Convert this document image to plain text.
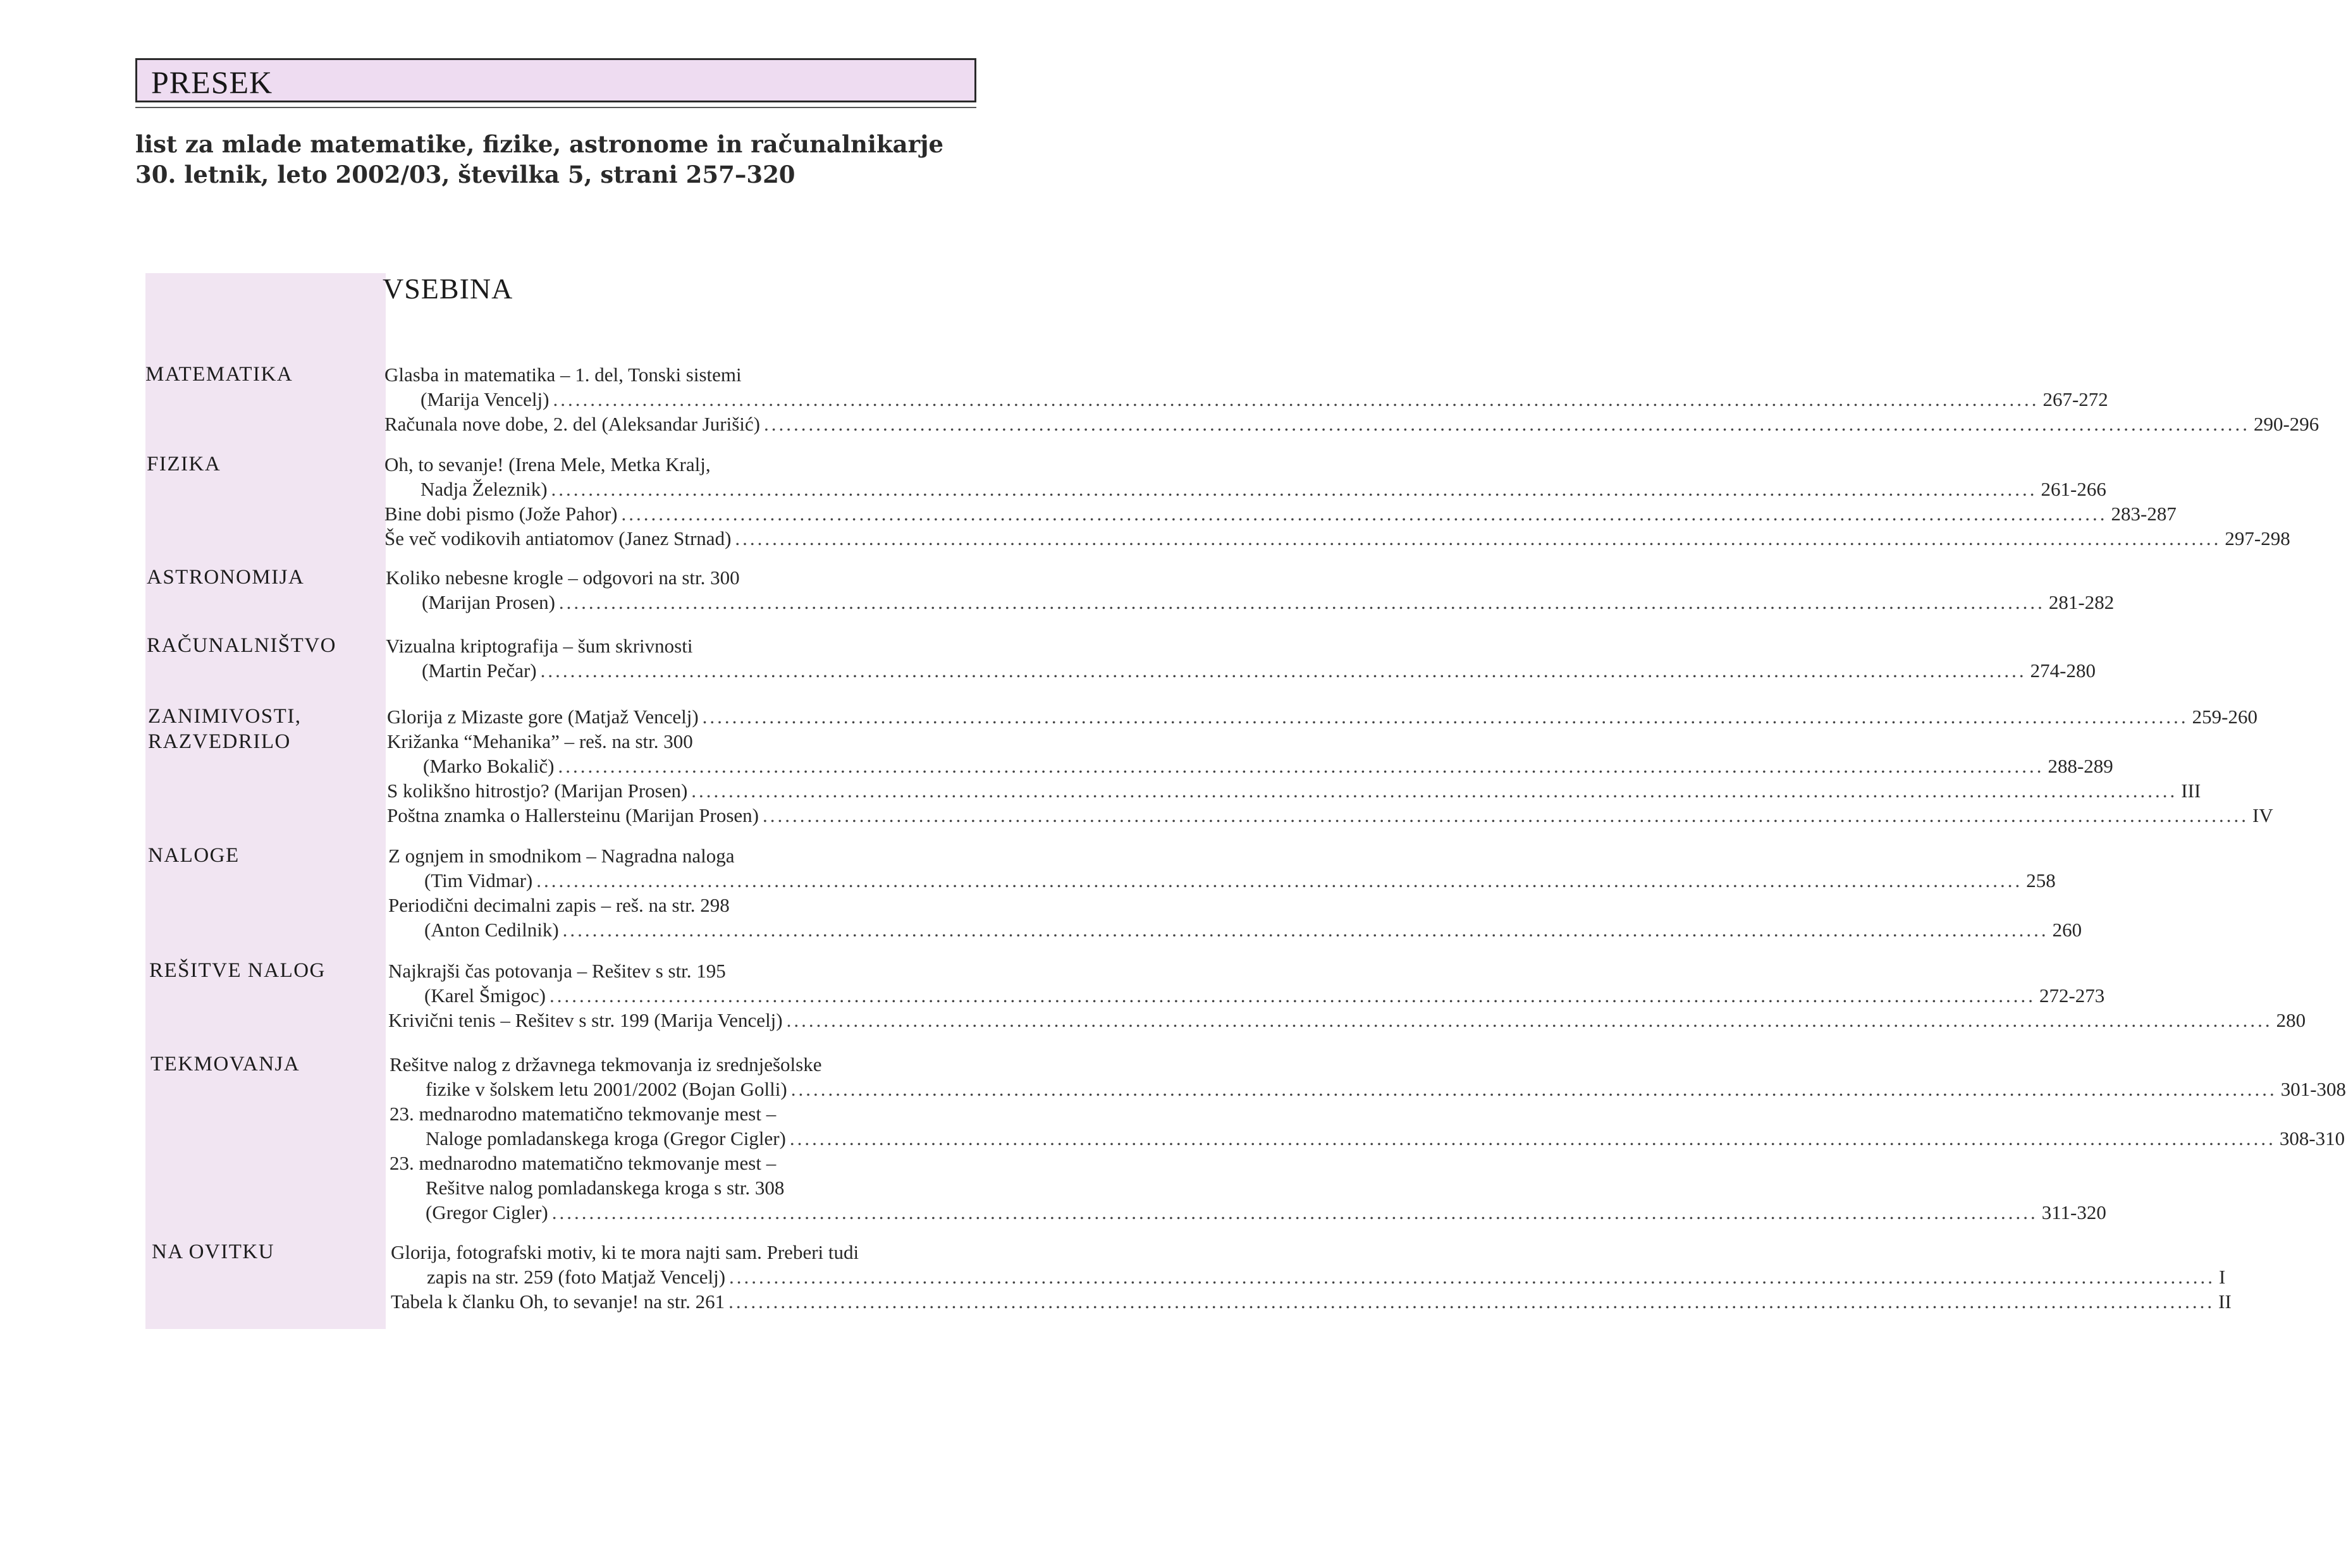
PRESEK
list za mlade matematike, fizike, astronome in računalnikarje
30. letnik, leto 2002/03, številka 5, strani 257–320
VSEBINA
MATEMATIKA	Glasba in matematika – 1. del, Tonski sistemi
(Marija Vencelj) ........................................................................................................................................................................................................ 267-272
Računala nove dobe, 2. del (Aleksandar Jurišić) ........................................................................................................................................................................................................ 290-296
FIZIKA	Oh, to sevanje! (Irena Mele, Metka Kralj,
Nadja Železnik) ........................................................................................................................................................................................................ 261-266
Bine dobi pismo (Jože Pahor) ........................................................................................................................................................................................................ 283-287
Še več vodikovih antiatomov (Janez Strnad) ........................................................................................................................................................................................................ 297-298
ASTRONOMIJA	Koliko nebesne krogle – odgovori na str. 300
(Marijan Prosen) ........................................................................................................................................................................................................ 281-282
RAČUNALNIŠTVO	Vizualna kriptografija – šum skrivnosti
(Martin Pečar) ........................................................................................................................................................................................................ 274-280
ZANIMIVOSTI,
RAZVEDRILO
Glorija z Mizaste gore (Matjaž Vencelj) ........................................................................................................................................................................................................ 259-260
Križanka “Mehanika” – reš. na str. 300
(Marko Bokalič) ........................................................................................................................................................................................................ 288-289
S kolikšno hitrostjo? (Marijan Prosen) ........................................................................................................................................................................................................ III
Poštna znamka o Hallersteinu (Marijan Prosen) ........................................................................................................................................................................................................ IV
NALOGE	Z ognjem in smodnikom – Nagradna naloga
(Tim Vidmar) ........................................................................................................................................................................................................ 258
Periodični decimalni zapis – reš. na str. 298
(Anton Cedilnik) ........................................................................................................................................................................................................ 260
REŠITVE NALOG	Najkrajši čas potovanja – Rešitev s str. 195
(Karel Šmigoc) ........................................................................................................................................................................................................ 272-273
Krivični tenis – Rešitev s str. 199 (Marija Vencelj) ........................................................................................................................................................................................................ 280
TEKMOVANJA	Rešitve nalog z državnega tekmovanja iz srednješolske
fizike v šolskem letu 2001/2002 (Bojan Golli) ........................................................................................................................................................................................................ 301-308
23. mednarodno matematično tekmovanje mest –
Naloge pomladanskega kroga (Gregor Cigler) ........................................................................................................................................................................................................ 308-310
23. mednarodno matematično tekmovanje mest –
Rešitve nalog pomladanskega kroga s str. 308
(Gregor Cigler) ........................................................................................................................................................................................................ 311-320
NA OVITKU	Glorija, fotografski motiv, ki te mora najti sam. Preberi tudi
zapis na str. 259 (foto Matjaž Vencelj) ........................................................................................................................................................................................................ I
Tabela k članku Oh, to sevanje! na str. 261 ........................................................................................................................................................................................................ II
